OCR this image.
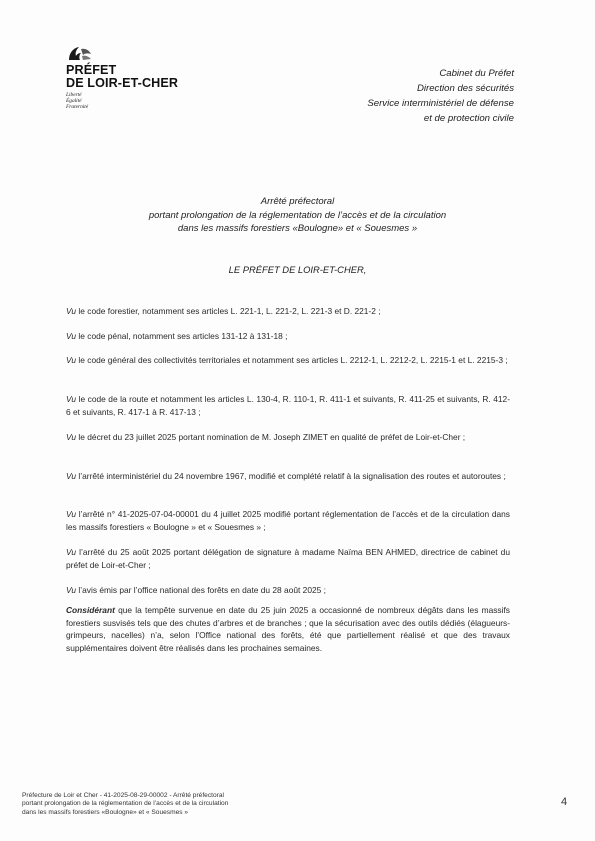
PRÉFET
DE LOIR-ET-CHER
Liberté
Égalité
Fraternité
Cabinet du Préfet
Direction des sécurités
Service interministériel de défense
et de protection civile
Arrêté préfectoral
portant prolongation de la réglementation de l’accès et de la circulation
dans les massifs forestiers «Boulogne» et « Souesmes »
LE PRÉFET DE LOIR-ET-CHER,
Vu le code forestier, notamment ses articles L. 221-1, L. 221-2, L. 221-3 et D. 221-2 ;
Vu le code pénal, notamment ses articles 131-12 à 131-18 ;
Vu le code général des collectivités territoriales et notamment ses articles L. 2212-1, L. 2212-2, L. 2215-1 et L. 2215-3 ;
Vu le code de la route et notamment les articles L. 130-4, R. 110-1, R. 411-1 et suivants, R. 411-25 et suivants, R. 412-6 et suivants, R. 417-1 à R. 417-13 ;
Vu le décret du 23 juillet 2025 portant nomination de M. Joseph ZIMET en qualité de préfet de Loir-et-Cher ;
Vu l’arrêté interministériel du 24 novembre 1967, modifié et complété relatif à la signalisation des routes et autoroutes ;
Vu l’arrêté n° 41-2025-07-04-00001 du 4 juillet 2025 modifié portant réglementation de l’accès et de la circulation dans les massifs forestiers « Boulogne » et « Souesmes » ;
Vu l’arrêté du 25 août 2025 portant délégation de signature à madame Naïma BEN AHMED, directrice de cabinet du préfet de Loir-et-Cher ;
Vu l’avis émis par l’office national des forêts en date du 28 août 2025 ;
Considérant que la tempête survenue en date du 25 juin 2025 a occasionné de nombreux dégâts dans les massifs forestiers susvisés tels que des chutes d’arbres et de branches ; que la sécurisation avec des outils dédiés (élagueurs-grimpeurs, nacelles) n’a, selon l’Office national des forêts, été que partiellement réalisé et que des travaux supplémentaires doivent être réalisés dans les prochaines semaines.
Préfecture de Loir et Cher - 41-2025-08-29-00002 - Arrêté préfectoral
portant prolongation de la réglementation de l’accès et de la circulation
dans les massifs forestiers «Boulogne» et « Souesmes »
4
